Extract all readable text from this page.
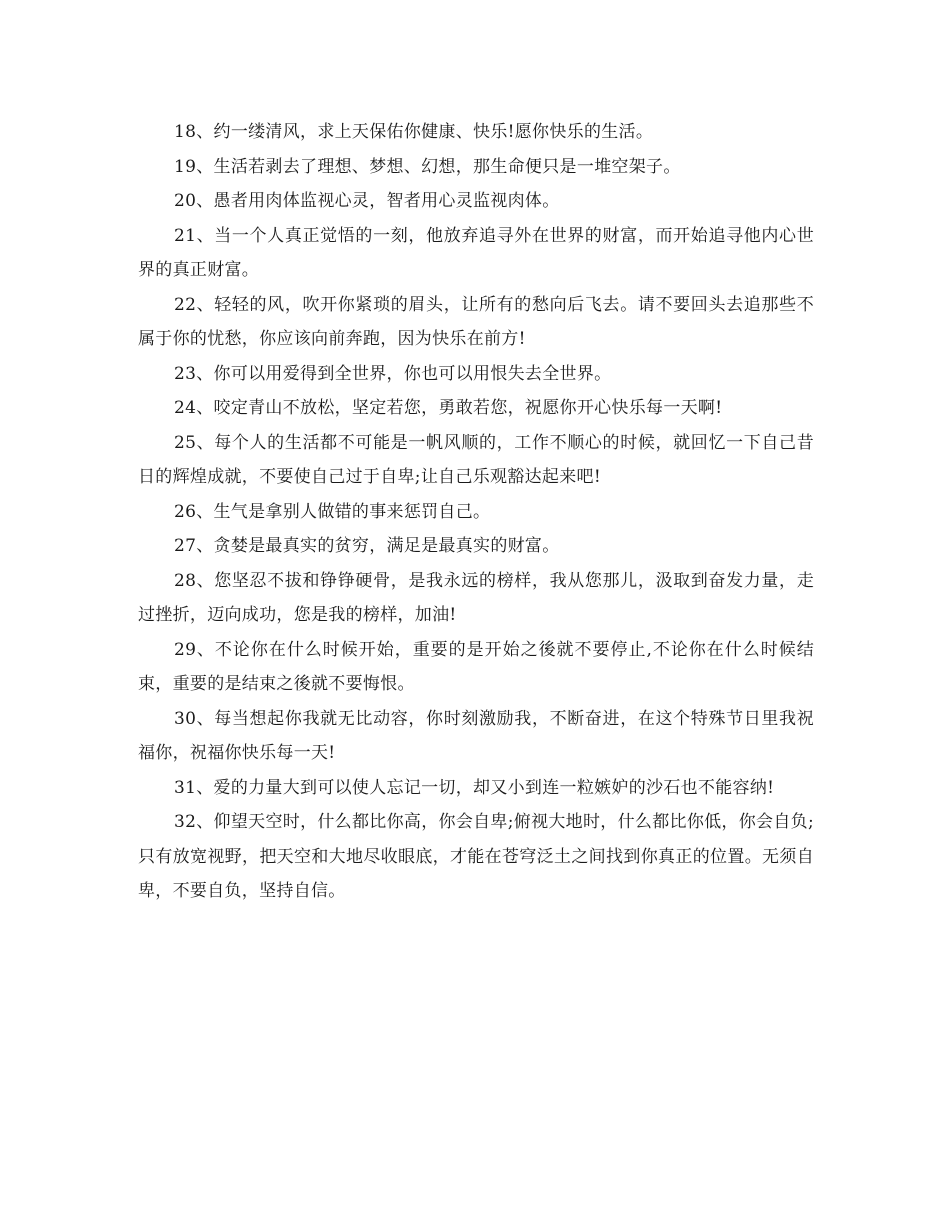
18、约一缕清风，求上天保佑你健康、快乐!愿你快乐的生活。

19、生活若剥去了理想、梦想、幻想，那生命便只是一堆空架子。

20、愚者用肉体监视心灵，智者用心灵监视肉体。

21、当一个人真正觉悟的一刻，他放弃追寻外在世界的财富，而开始追寻他内心世界的真正财富。

22、轻轻的风，吹开你紧琐的眉头，让所有的愁向后飞去。请不要回头去追那些不属于你的忧愁，你应该向前奔跑，因为快乐在前方!

23、你可以用爱得到全世界，你也可以用恨失去全世界。

24、咬定青山不放松，坚定若您，勇敢若您，祝愿你开心快乐每一天啊!

25、每个人的生活都不可能是一帆风顺的，工作不顺心的时候，就回忆一下自己昔日的辉煌成就，不要使自己过于自卑;让自己乐观豁达起来吧!

26、生气是拿别人做错的事来惩罚自己。

27、贪婪是最真实的贫穷，满足是最真实的财富。

28、您坚忍不拔和铮铮硬骨，是我永远的榜样，我从您那儿，汲取到奋发力量，走过挫折，迈向成功，您是我的榜样，加油!

29、不论你在什么时候开始，重要的是开始之後就不要停止,不论你在什么时候结束，重要的是结束之後就不要悔恨。

30、每当想起你我就无比动容，你时刻激励我，不断奋进，在这个特殊节日里我祝福你，祝福你快乐每一天!

31、爱的力量大到可以使人忘记一切，却又小到连一粒嫉妒的沙石也不能容纳!

32、仰望天空时，什么都比你高，你会自卑;俯视大地时，什么都比你低，你会自负;只有放宽视野，把天空和大地尽收眼底，才能在苍穹泛土之间找到你真正的位置。无须自卑，不要自负，坚持自信。
